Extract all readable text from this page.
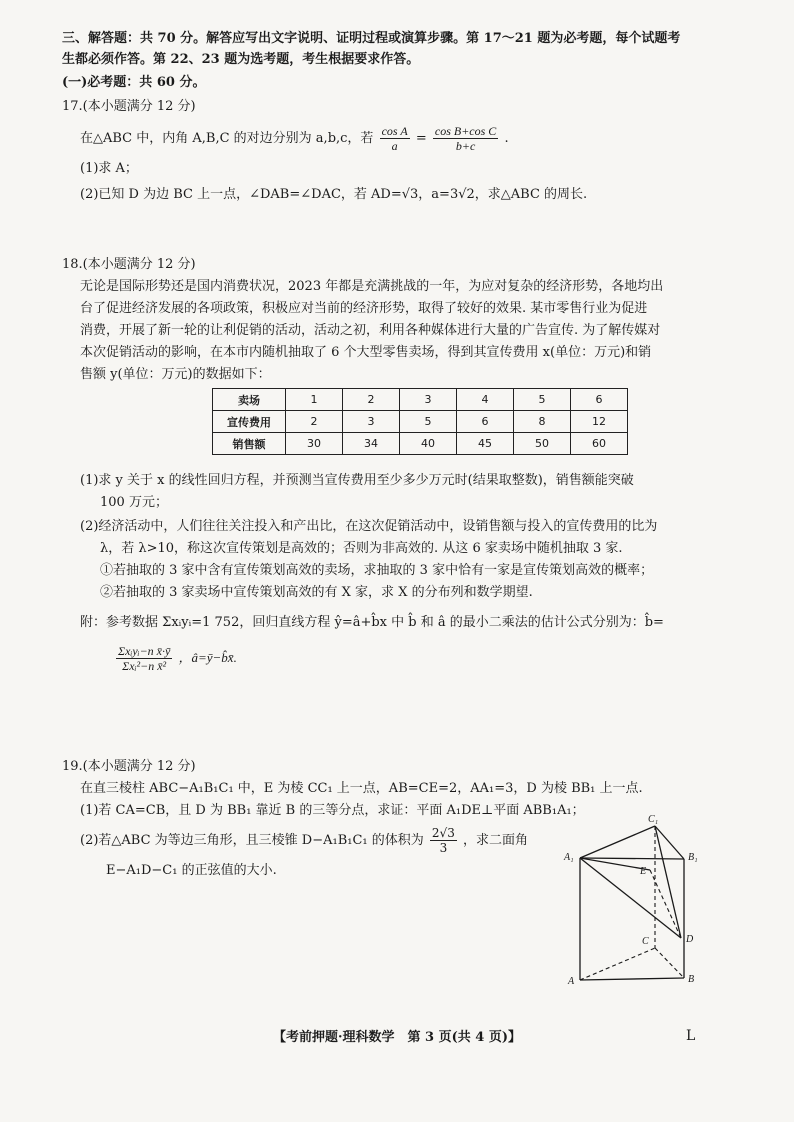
三、解答题：共 70 分。解答应写出文字说明、证明过程或演算步骤。第 17～21 题为必考题，每个试题考
生都必须作答。第 22、23 题为选考题，考生根据要求作答。
(一)必考题：共 60 分。
17.(本小题满分 12 分)
在△ABC 中，内角 A,B,C 的对边分别为 a,b,c，若 $\frac{\text{cos A}}{a} = \frac{\text{cos B+cos C}}{b+c}$ .
(1)求 A；
(2)已知 D 为边 BC 上一点，∠DAB=∠DAC，若 AD=√3，a=3√2，求△ABC 的周长.
18.(本小题满分 12 分)
无论是国际形势还是国内消费状况，2023 年都是充满挑战的一年，为应对复杂的经济形势，各地均出
台了促进经济发展的各项政策，积极应对当前的经济形势，取得了较好的效果. 某市零售行业为促进
消费，开展了新一轮的让利促销的活动，活动之初，利用各种媒体进行大量的广告宣传. 为了解传媒对
本次促销活动的影响，在本市内随机抽取了 6 个大型零售卖场，得到其宣传费用 x(单位：万元)和销
售额 y(单位：万元)的数据如下：
卖场	1	2	3	4	5	6
宣传费用	2	3	5	6	8	12
销售额	30	34	40	45	50	60
(1)求 y 关于 x 的线性回归方程，并预测当宣传费用至少多少万元时(结果取整数)，销售额能突破
100 万元；
(2)经济活动中，人们往往关注投入和产出比，在这次促销活动中，设销售额与投入的宣传费用的比为
λ，若 λ>10，称这次宣传策划是高效的；否则为非高效的. 从这 6 家卖场中随机抽取 3 家.
①若抽取的 3 家中含有宣传策划高效的卖场，求抽取的 3 家中恰有一家是宣传策划高效的概率；
②若抽取的 3 家卖场中宣传策划高效的有 X 家，求 X 的分布列和数学期望.
附：参考数据 Σxᵢyᵢ=1 752，回归直线方程 ŷ=â+b̂x 中 b̂ 和 â 的最小二乘法的估计公式分别为：b̂=
$\frac{\text{Σxᵢyᵢ−n x̄·ȳ}}{\text{Σxᵢ²−n x̄²}}$ ，â=ȳ−b̂x̄.
19.(本小题满分 12 分)
在直三棱柱 ABC−A₁B₁C₁ 中，E 为棱 CC₁ 上一点，AB=CE=2，AA₁=3，D 为棱 BB₁ 上一点.
(1)若 CA=CB，且 D 为 BB₁ 靠近 B 的三等分点，求证：平面 A₁DE⊥平面 ABB₁A₁；
(2)若△ABC 为等边三角形，且三棱锥 D−A₁B₁C₁ 的体积为 $\frac{2√3}{3}$ ，求二面角
E−A₁D−C₁ 的正弦值的大小.
C₁
A₁	B₁
E
C	D
A	B
【考前押题·理科数学　第 3 页(共 4 页)】	L
